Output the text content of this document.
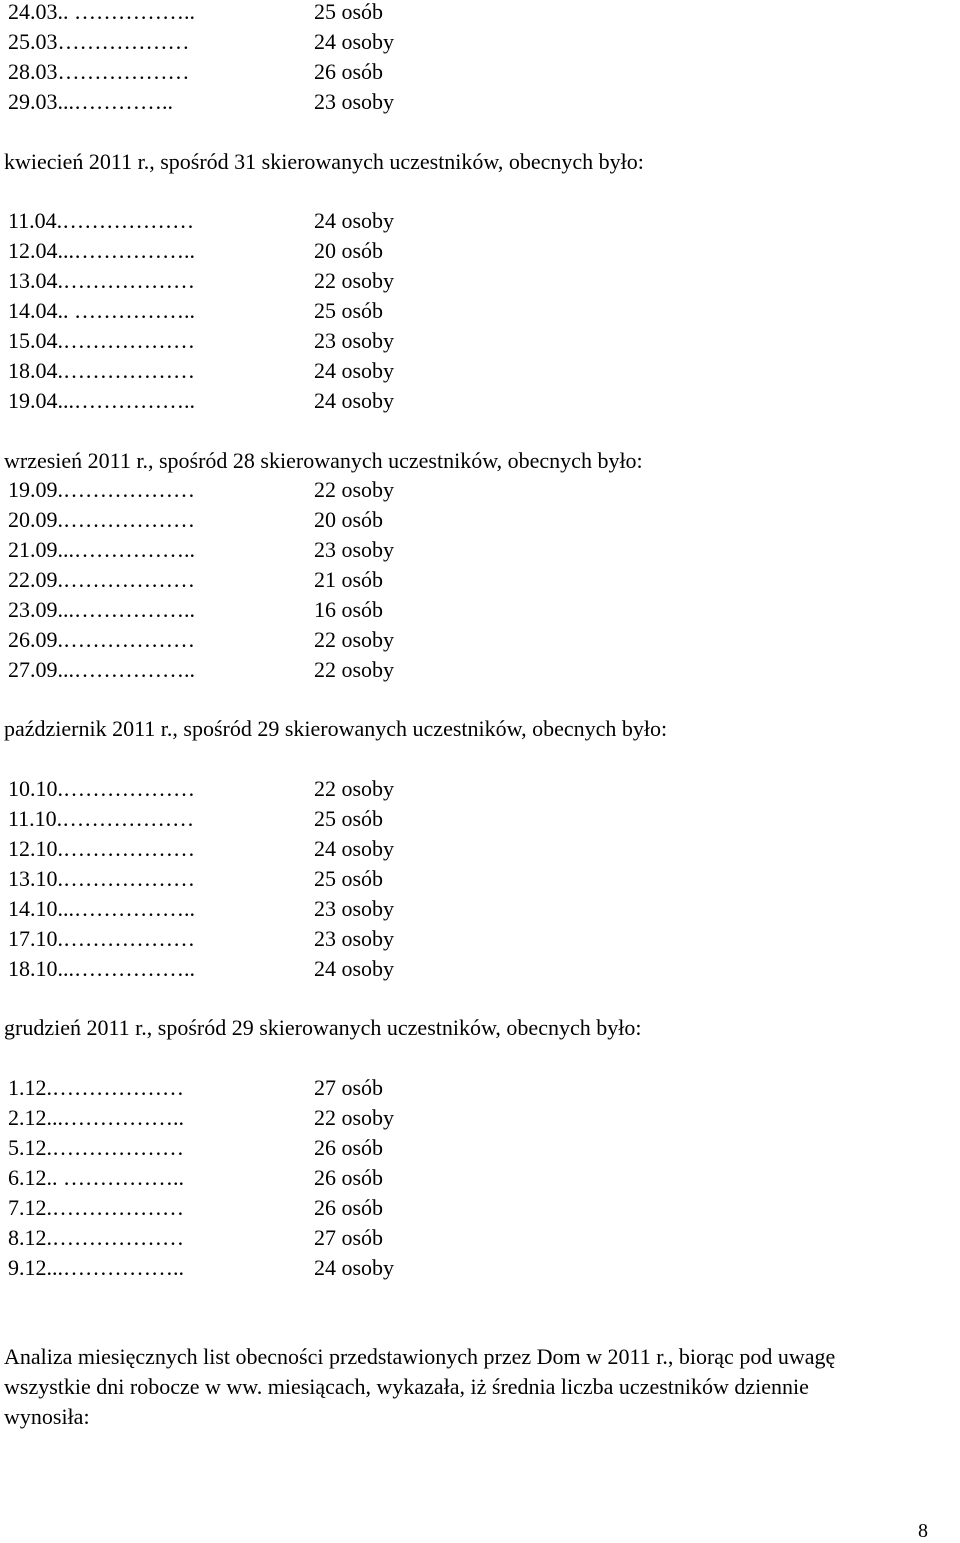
24.03.. ……………..	25 osób
25.03………………	24 osoby
28.03………………	26 osób
29.03...…………..	23 osoby
kwiecień 2011 r., spośród 31 skierowanych uczestników, obecnych było:
11.04.………………	24 osoby
12.04...……………..	20 osób
13.04.………………	22 osoby
14.04.. ……………..	25 osób
15.04.………………	23 osoby
18.04.………………	24 osoby
19.04...……………..	24 osoby
wrzesień 2011 r., spośród 28 skierowanych uczestników, obecnych było:
19.09.………………	22 osoby
20.09.………………	20 osób
21.09...……………..	23 osoby
22.09.………………	21 osób
23.09...……………..	16 osób
26.09.………………	22 osoby
27.09...……………..	22 osoby
październik 2011 r., spośród 29 skierowanych uczestników, obecnych było:
10.10.………………	22 osoby
11.10.………………	25 osób
12.10.………………	24 osoby
13.10.………………	25 osób
14.10...……………..	23 osoby
17.10.………………	23 osoby
18.10...……………..	24 osoby
grudzień 2011 r., spośród 29 skierowanych uczestników, obecnych było:
1.12.………………	27 osób
2.12...……………..	22 osoby
5.12.………………	26 osób
6.12.. ……………..	26 osób
7.12.………………	26 osób
8.12.………………	27 osób
9.12...……………..	24 osoby
Analiza miesięcznych list obecności przedstawionych przez Dom w 2011 r., biorąc pod uwagę
wszystkie dni robocze w ww. miesiącach, wykazała, iż średnia liczba uczestników dziennie
wynosiła:
8
